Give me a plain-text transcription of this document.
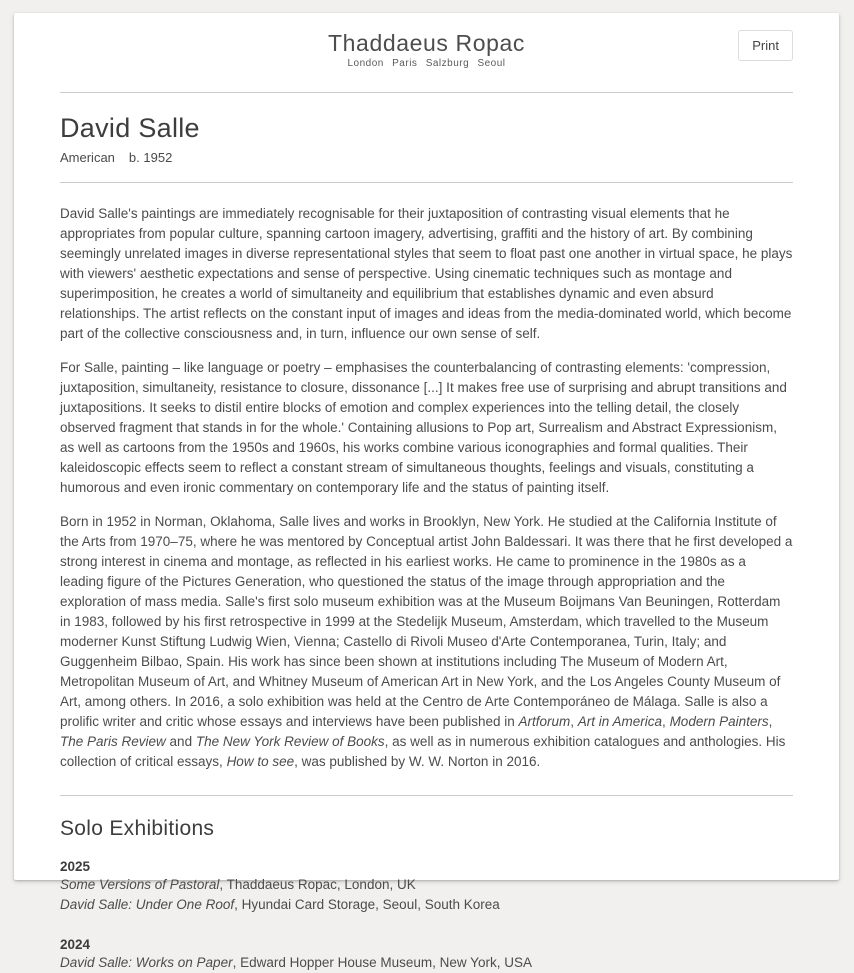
Thaddaeus Ropac
London Paris Salzburg Seoul
Print
David Salle
American b. 1952

David Salle's paintings are immediately recognisable for their juxtaposition of contrasting visual elements that he appropriates from popular culture, spanning cartoon imagery, advertising, graffiti and the history of art. By combining seemingly unrelated images in diverse representational styles that seem to float past one another in virtual space, he plays with viewers' aesthetic expectations and sense of perspective. Using cinematic techniques such as montage and superimposition, he creates a world of simultaneity and equilibrium that establishes dynamic and even absurd relationships. The artist reflects on the constant input of images and ideas from the media-dominated world, which become part of the collective consciousness and, in turn, influence our own sense of self.

For Salle, painting – like language or poetry – emphasises the counterbalancing of contrasting elements: 'compression, juxtaposition, simultaneity, resistance to closure, dissonance [...] It makes free use of surprising and abrupt transitions and juxtapositions. It seeks to distil entire blocks of emotion and complex experiences into the telling detail, the closely observed fragment that stands in for the whole.' Containing allusions to Pop art, Surrealism and Abstract Expressionism, as well as cartoons from the 1950s and 1960s, his works combine various iconographies and formal qualities. Their kaleidoscopic effects seem to reflect a constant stream of simultaneous thoughts, feelings and visuals, constituting a humorous and even ironic commentary on contemporary life and the status of painting itself.

Born in 1952 in Norman, Oklahoma, Salle lives and works in Brooklyn, New York. He studied at the California Institute of the Arts from 1970–75, where he was mentored by Conceptual artist John Baldessari. It was there that he first developed a strong interest in cinema and montage, as reflected in his earliest works. He came to prominence in the 1980s as a leading figure of the Pictures Generation, who questioned the status of the image through appropriation and the exploration of mass media. Salle's first solo museum exhibition was at the Museum Boijmans Van Beuningen, Rotterdam in 1983, followed by his first retrospective in 1999 at the Stedelijk Museum, Amsterdam, which travelled to the Museum moderner Kunst Stiftung Ludwig Wien, Vienna; Castello di Rivoli Museo d'Arte Contemporanea, Turin, Italy; and Guggenheim Bilbao, Spain. His work has since been shown at institutions including The Museum of Modern Art, Metropolitan Museum of Art, and Whitney Museum of American Art in New York, and the Los Angeles County Museum of Art, among others. In 2016, a solo exhibition was held at the Centro de Arte Contemporáneo de Málaga. Salle is also a prolific writer and critic whose essays and interviews have been published in Artforum, Art in America, Modern Painters, The Paris Review and The New York Review of Books, as well as in numerous exhibition catalogues and anthologies. His collection of critical essays, How to see, was published by W. W. Norton in 2016.

Solo Exhibitions
2025
Some Versions of Pastoral, Thaddaeus Ropac, London, UK
David Salle: Under One Roof, Hyundai Card Storage, Seoul, South Korea
2024
David Salle: Works on Paper, Edward Hopper House Museum, New York, USA
